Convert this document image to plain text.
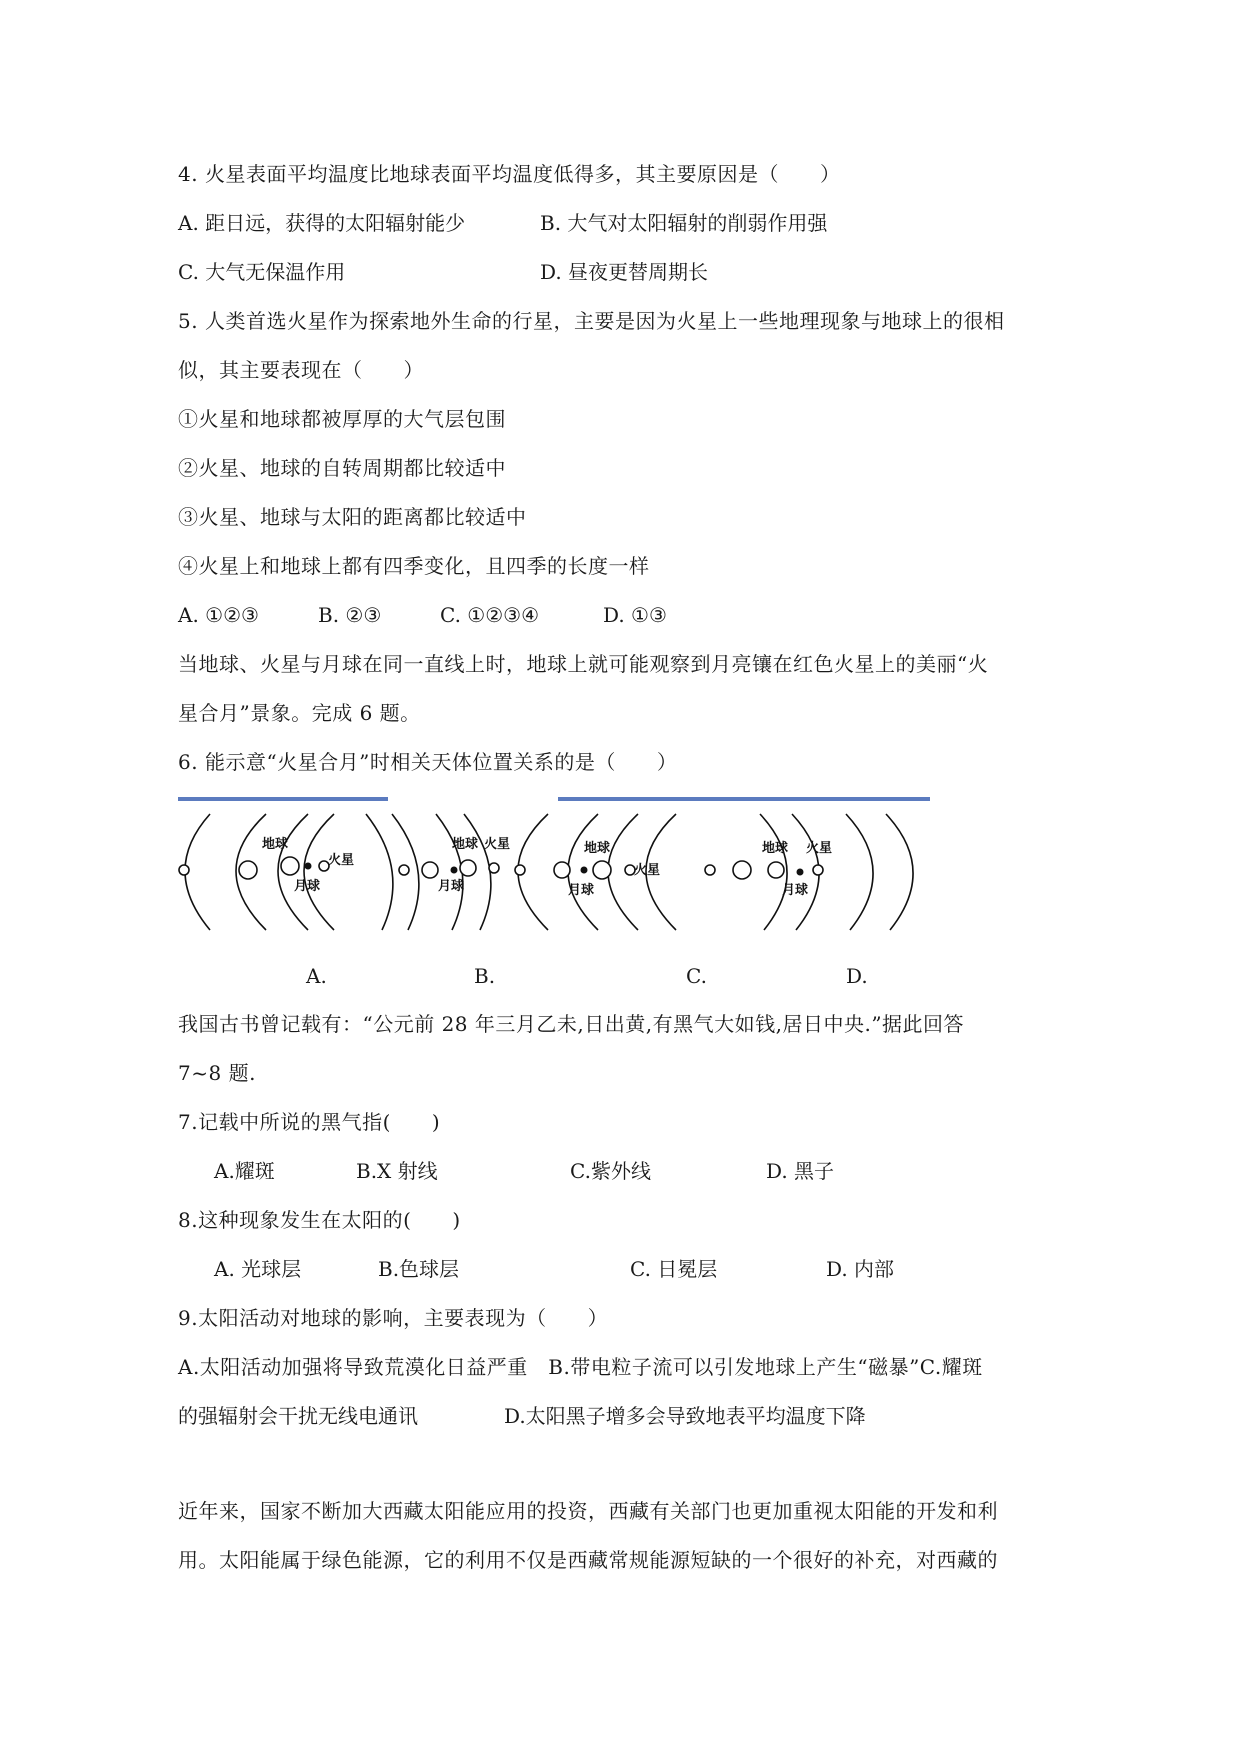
4. 火星表面平均温度比地球表面平均温度低得多，其主要原因是（　　）
A. 距日远，获得的太阳辐射能少	B. 大气对太阳辐射的削弱作用强
C. 大气无保温作用	D. 昼夜更替周期长
5. 人类首选火星作为探索地外生命的行星，主要是因为火星上一些地理现象与地球上的很相
似，其主要表现在（　　）
①火星和地球都被厚厚的大气层包围
②火星、地球的自转周期都比较适中
③火星、地球与太阳的距离都比较适中
④火星上和地球上都有四季变化，且四季的长度一样
A. ①②③	B. ②③	C. ①②③④	D. ①③
当地球、火星与月球在同一直线上时，地球上就可能观察到月亮镶在红色火星上的美丽“火
星合月”景象。完成 6 题。
6. 能示意“火星合月”时相关天体位置关系的是（　　）
地球
火星
月球
地球 火星
月球
地球
火星
月球
地球 火星
月球
A.	B.	C.	D.
我国古书曾记载有：“公元前 28 年三月乙未,日出黄,有黑气大如钱,居日中央.”据此回答
7~8 题.
7.记载中所说的黑气指(　　)
A.耀斑	B.X 射线	C.紫外线	D. 黑子
8.这种现象发生在太阳的(　　)
A. 光球层	B.色球层	C. 日冕层	D. 内部
9.太阳活动对地球的影响，主要表现为（　　）
A.太阳活动加强将导致荒漠化日益严重　B.带电粒子流可以引发地球上产生“磁暴”C.耀斑
的强辐射会干扰无线电通讯	D.太阳黑子增多会导致地表平均温度下降
近年来，国家不断加大西藏太阳能应用的投资，西藏有关部门也更加重视太阳能的开发和利
用。太阳能属于绿色能源，它的利用不仅是西藏常规能源短缺的一个很好的补充，对西藏的
